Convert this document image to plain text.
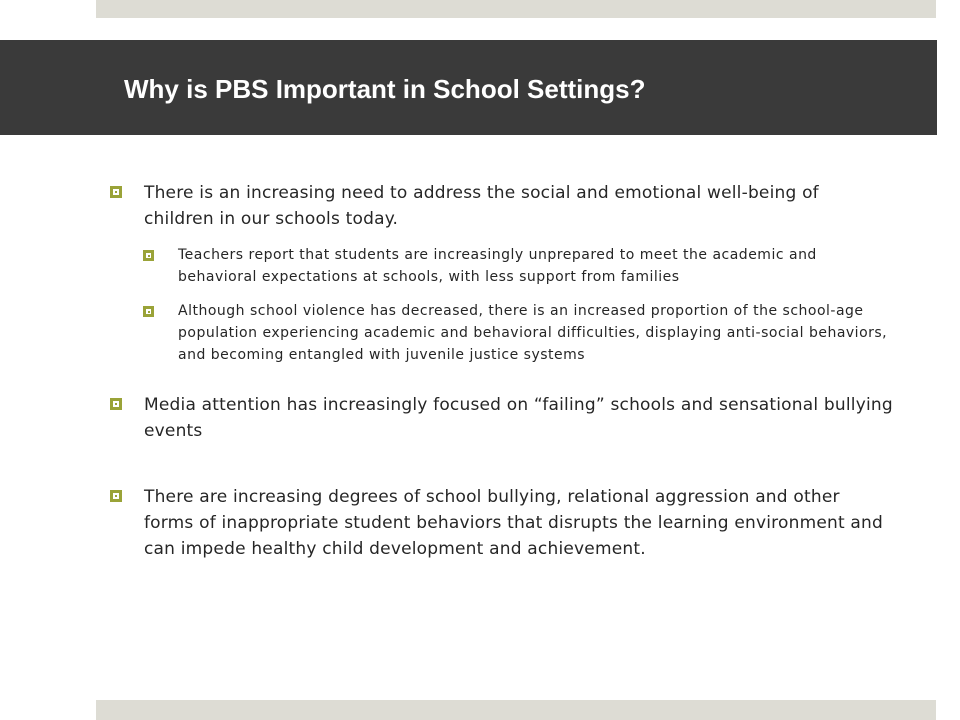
Why is PBS Important in School Settings?
There is an increasing need to address the social and emotional well-being of children in our schools today.
Teachers report that students are increasingly unprepared to meet the academic and behavioral expectations at schools, with less support from families
Although school violence has decreased, there is an increased proportion of the school-age population experiencing academic and behavioral difficulties, displaying anti-social behaviors, and becoming entangled with juvenile justice systems
Media attention has increasingly focused on “failing” schools and sensational bullying events
There are increasing degrees of school bullying, relational aggression and other forms of inappropriate student behaviors that disrupts the learning environment and can impede healthy child development and achievement.
